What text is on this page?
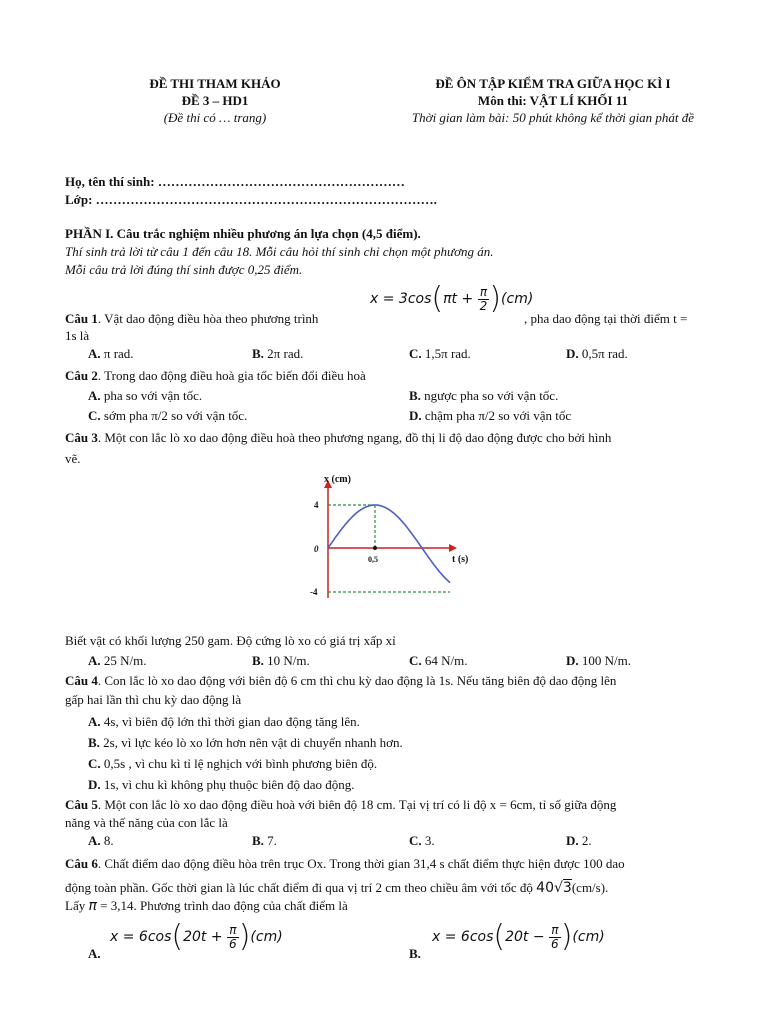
ĐỀ THI THAM KHẢO
ĐỀ 3 – HD1
(Đề thi có … trang)
ĐỀ ÔN TẬP KIỂM TRA GIỮA HỌC KÌ I
Môn thi: VẬT LÍ KHỐI 11
Thời gian làm bài: 50 phút không kể thời gian phát đề
Họ, tên thí sinh: …………………………………………………
Lớp: …………………………………………………………………….
PHẦN I. Câu trắc nghiệm nhiều phương án lựa chọn (4,5 điểm).
Thí sinh trả lời từ câu 1 đến câu 18. Mỗi câu hỏi thí sinh chỉ chọn một phương án.
Mỗi câu trả lời đúng thí sinh được 0,25 điểm.
$x = 3\cos(\pi t + \frac{\pi}{2} )(cm)$
Câu 1. Vật dao động điều hòa theo phương trình	, pha dao động tại thời điểm t =
1s là
A. π rad.	B. 2π rad.	C. 1,5π rad.	D. 0,5π rad.
Câu 2. Trong dao động điều hoà gia tốc biến đổi điều hoà
A. pha so với vận tốc.	B. ngược pha so với vận tốc.
C. sớm pha π/2 so với vận tốc.	D. chậm pha π/2 so với vận tốc
Câu 3. Một con lắc lò xo dao động điều hoà theo phương ngang, đồ thị li độ dao động được cho bởi hình
vẽ.
x (cm)
t (s)
4
0
-4
0,5
Biết vật có khối lượng 250 gam. Độ cứng lò xo có giá trị xấp xỉ
A. 25 N/m.	B. 10 N/m.	C. 64 N/m.	D. 100 N/m.
Câu 4. Con lắc lò xo dao động với biên độ 6 cm thì chu kỳ dao động là 1s. Nếu tăng biên độ dao động lên
gấp hai lần thì chu kỳ dao động là
A. 4s, vì biên độ lớn thì thời gian dao động tăng lên.
B. 2s, vì lực kéo lò xo lớn hơn nên vật di chuyển nhanh hơn.
C. 0,5s , vì chu kì tỉ lệ nghịch với bình phương biên độ.
D. 1s, vì chu kì không phụ thuộc biên độ dao động.
Câu 5. Một con lắc lò xo dao động điều hoà với biên độ 18 cm. Tại vị trí có li độ x = 6cm, tỉ số giữa động
năng và thế năng của con lắc là
A. 8.	B. 7.	C. 3.	D. 2.
Câu 6. Chất điểm dao động điều hòa trên trục Ox. Trong thời gian 31,4 s chất điểm thực hiện được 100 dao
động toàn phần. Gốc thời gian là lúc chất điểm đi qua vị trí 2 cm theo chiều âm với tốc độ 40√3(cm/s).
Lấy π = 3,14. Phương trình dao động của chất điểm là
$x = 6\cos(20t + \frac{\pi}{6} )(cm)$
A.
$x = 6\cos(20t - \frac{\pi}{6} )(cm)$
B.
